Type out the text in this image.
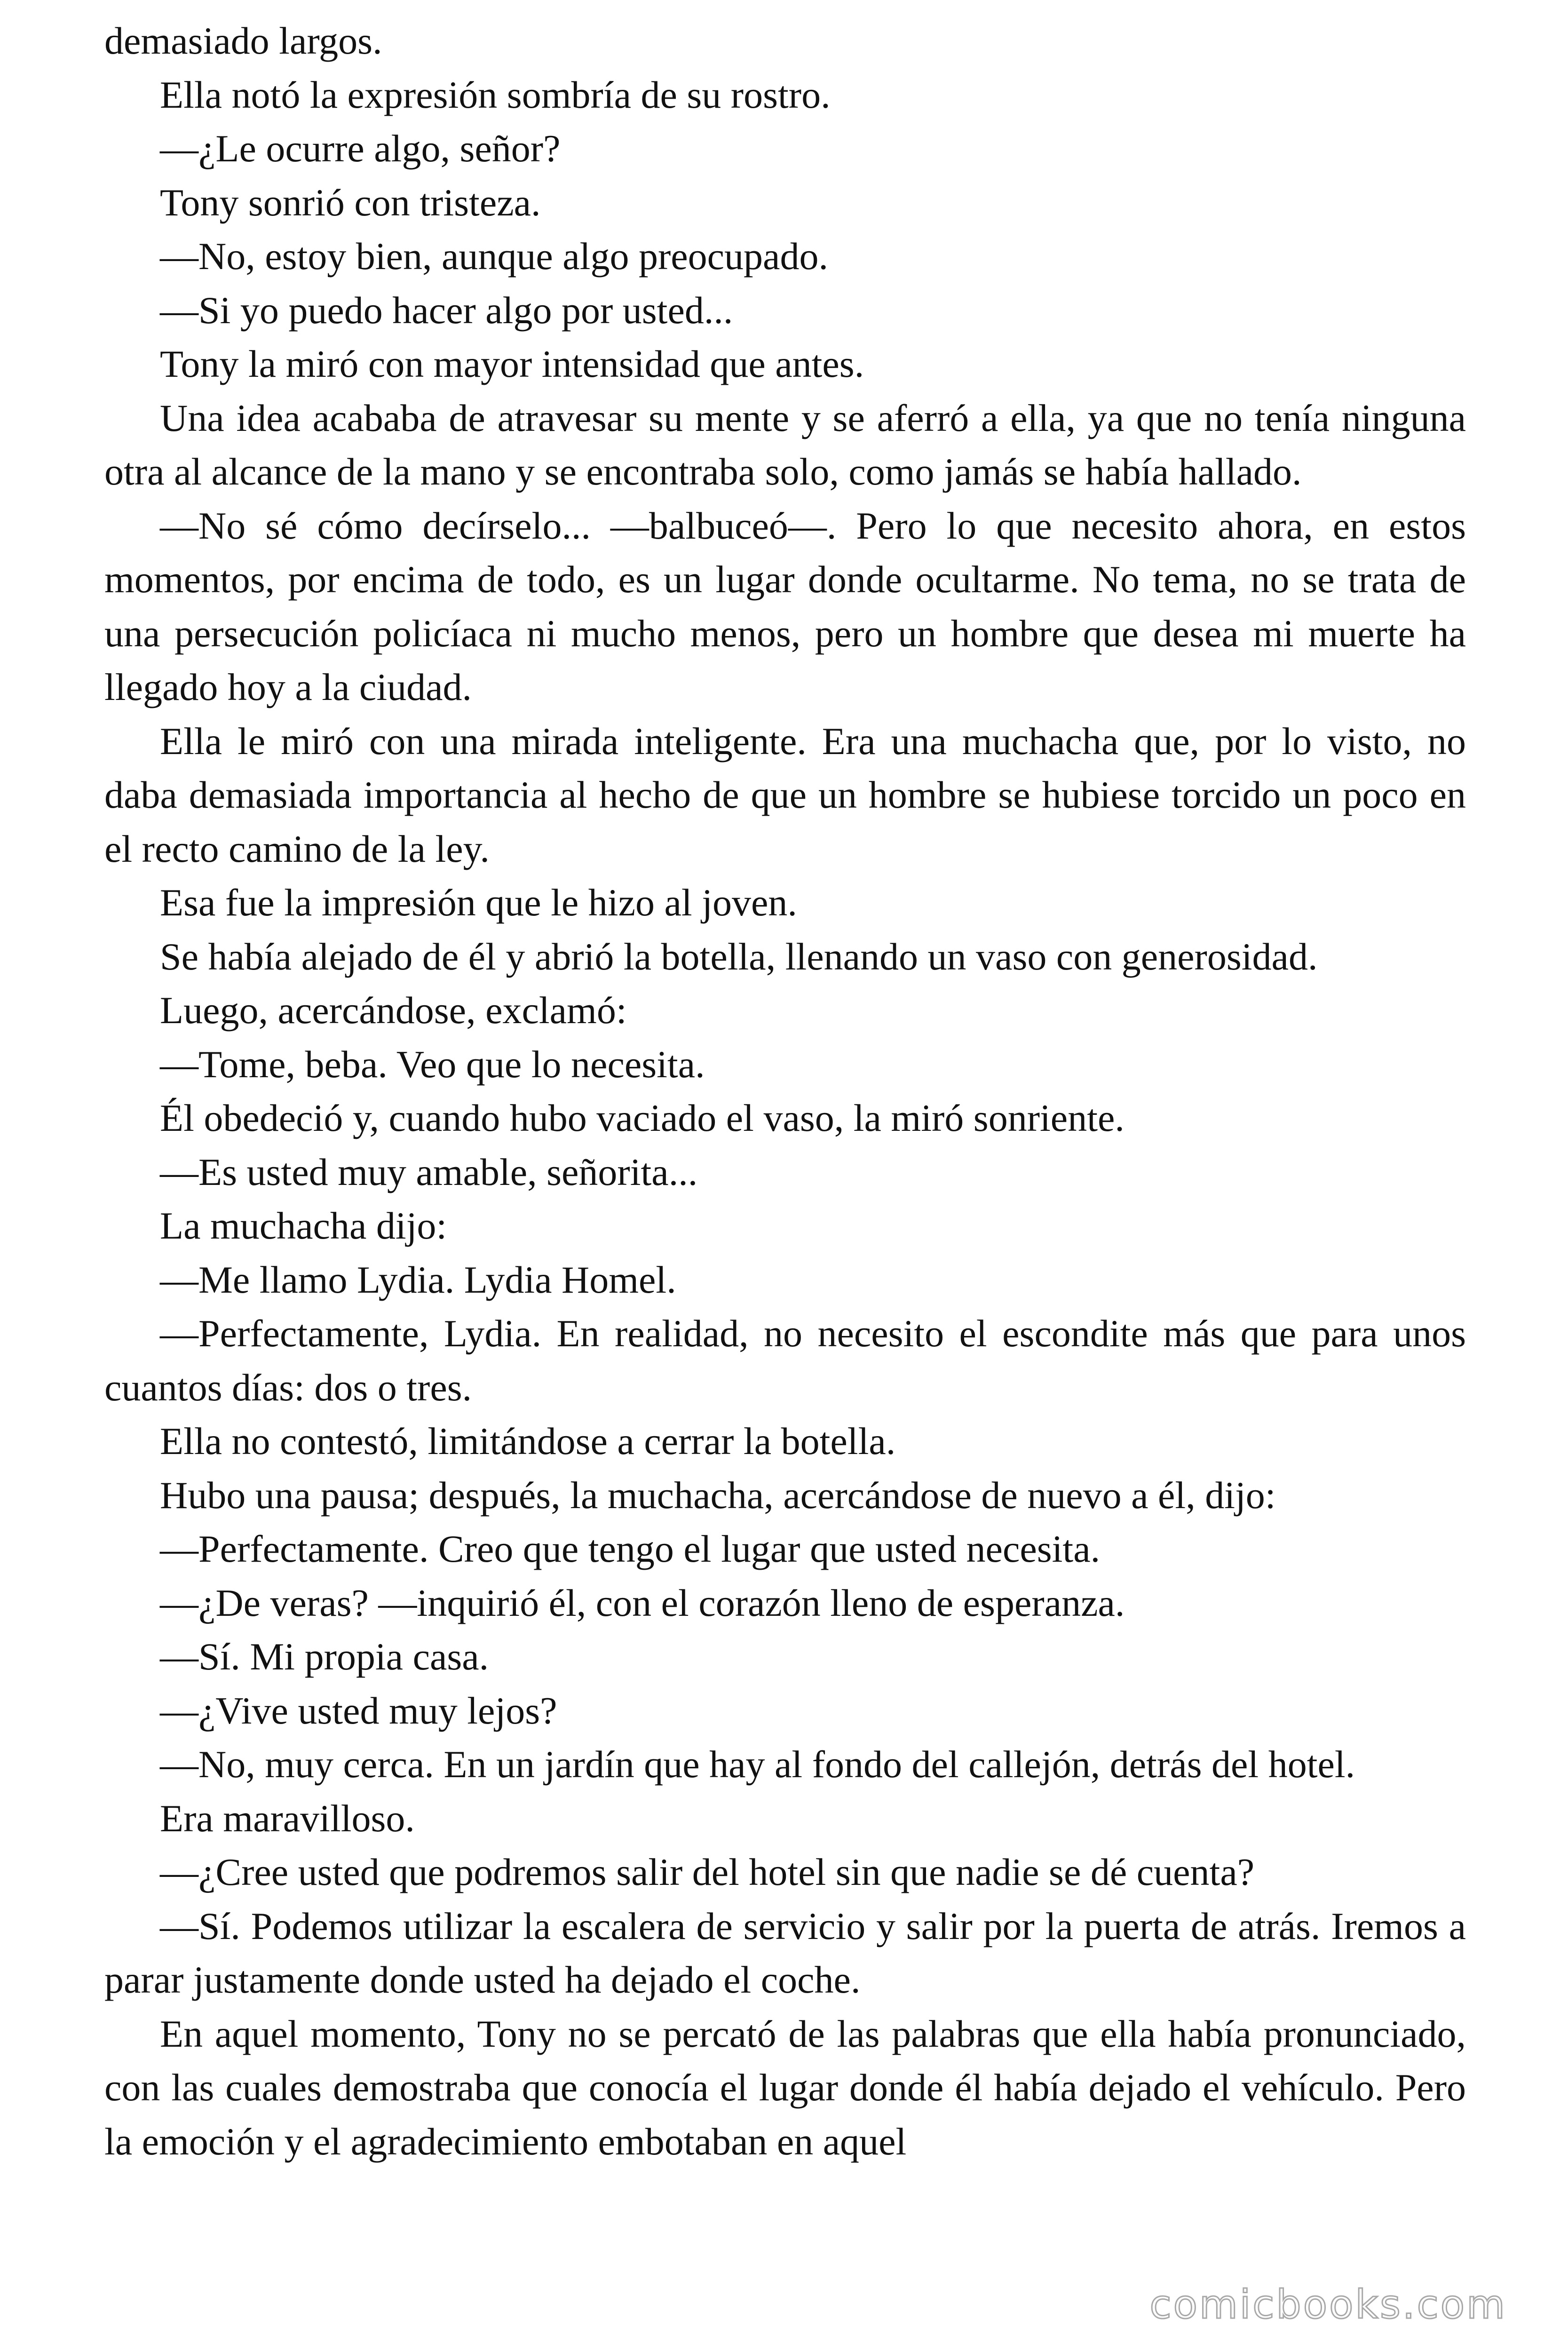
demasiado largos.

Ella notó la expresión sombría de su rostro.

—¿Le ocurre algo, señor?

Tony sonrió con tristeza.

—No, estoy bien, aunque algo preocupado.

—Si yo puedo hacer algo por usted...

Tony la miró con mayor intensidad que antes.

Una idea acababa de atravesar su mente y se aferró a ella, ya que no tenía ninguna otra al alcance de la mano y se encontraba solo, como jamás se había hallado.

—No sé cómo decírselo... —balbuceó—. Pero lo que necesito ahora, en estos momentos, por encima de todo, es un lugar donde ocultarme. No tema, no se trata de una persecución policíaca ni mucho menos, pero un hombre que desea mi muerte ha llegado hoy a la ciudad.

Ella le miró con una mirada inteligente. Era una muchacha que, por lo visto, no daba demasiada importancia al hecho de que un hombre se hubiese torcido un poco en el recto camino de la ley.

Esa fue la impresión que le hizo al joven.

Se había alejado de él y abrió la botella, llenando un vaso con generosidad.

Luego, acercándose, exclamó:

—Tome, beba. Veo que lo necesita.

Él obedeció y, cuando hubo vaciado el vaso, la miró sonriente.

—Es usted muy amable, señorita...

La muchacha dijo:

—Me llamo Lydia. Lydia Homel.

—Perfectamente, Lydia. En realidad, no necesito el escondite más que para unos cuantos días: dos o tres.

Ella no contestó, limitándose a cerrar la botella.

Hubo una pausa; después, la muchacha, acercándose de nuevo a él, dijo:

—Perfectamente. Creo que tengo el lugar que usted necesita.

—¿De veras? —inquirió él, con el corazón lleno de esperanza.

—Sí. Mi propia casa.

—¿Vive usted muy lejos?

—No, muy cerca. En un jardín que hay al fondo del callejón, detrás del hotel.

Era maravilloso.

—¿Cree usted que podremos salir del hotel sin que nadie se dé cuenta?

—Sí. Podemos utilizar la escalera de servicio y salir por la puerta de atrás. Iremos a parar justamente donde usted ha dejado el coche.

En aquel momento, Tony no se percató de las palabras que ella había pronunciado, con las cuales demostraba que conocía el lugar donde él había dejado el vehículo. Pero la emoción y el agradecimiento embotaban en aquel

comicbooks.com
